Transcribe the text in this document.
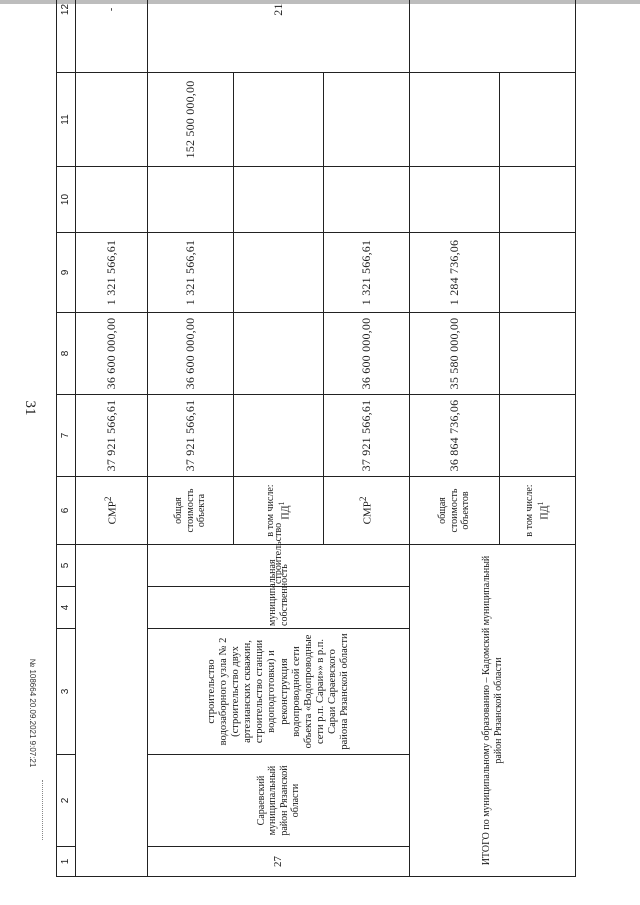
31
№ 108664 20.09.2021 9:07:21
1	2	3	4	5	6	7	8	9	10	11	12
					СМР$^2$	37 921 566,61	36 600 000,00	1 321 566,61			-
27	Сараевский муниципальный район Рязанской области	строительство водозаборного узла № 2 (строительство двух артезианских скважин, строительство станции водоподготовки) и реконструкция водопроводной сети объекта «Водопроводные сети р.п. Сараи»» в р.п. Сараи Сараевского района Рязанской области	муниципальная собственность	строительство	общая стоимость объекта	37 921 566,61	36 600 000,00	1 321 566,61		152 500 000,00	21
					в том числе: $ПД^1$					
					СМР$^2$	37 921 566,61	36 600 000,00	1 321 566,61			
ИТОГО по муниципальному образованию – Кадомский муниципальный район Рязанской области					общая стоимость объектов	36 864 736,06	35 580 000,00	1 284 736,06			
					в том числе: $ПД^1$					
